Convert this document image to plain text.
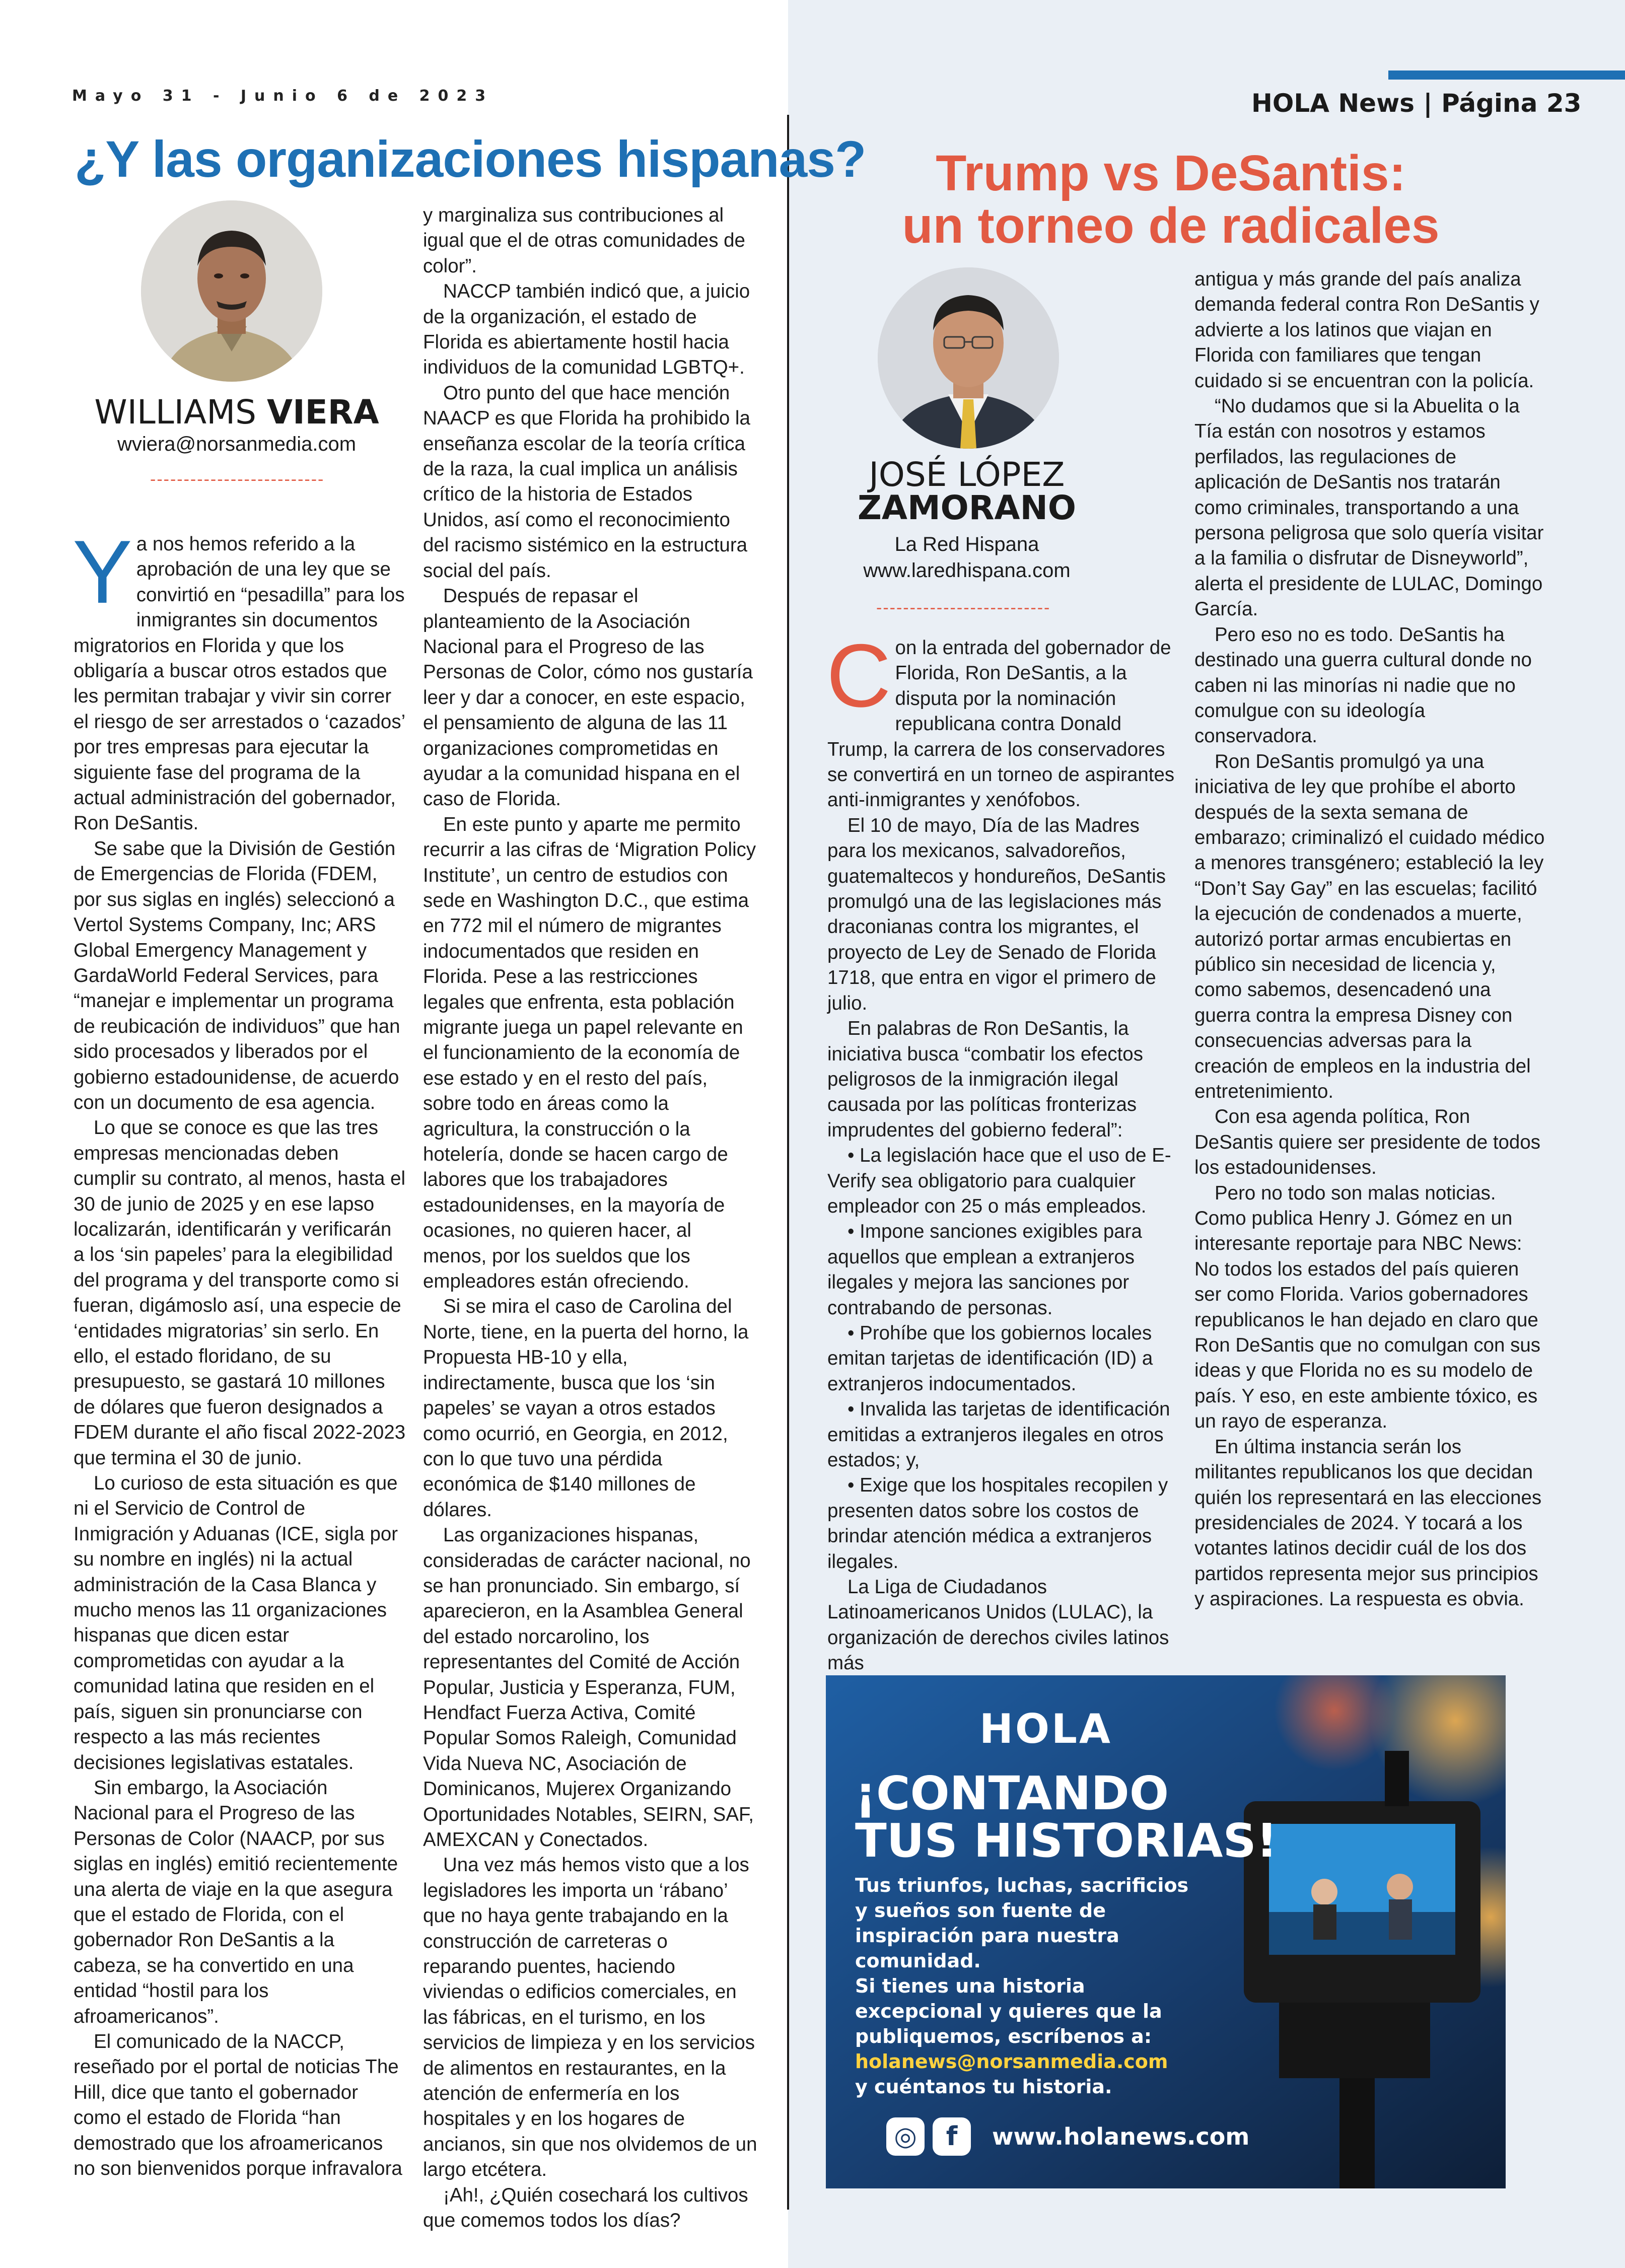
Mayo 31 - Junio 6 de 2023	HOLA News | Página 23
¿Y las organizaciones hispanas?
WILLIAMS VIERA
wviera@norsanmedia.com
--------------------------
Y a nos hemos referido a la aprobación de una ley que se convirtió en “pesadilla” para los inmigrantes sin documentos migratorios en Florida y que los obligaría a buscar otros estados que les permitan trabajar y vivir sin correr el riesgo de ser arrestados o ‘cazados’ por tres empresas para ejecutar la siguiente fase del programa de la actual administración del gobernador, Ron DeSantis.

Se sabe que la División de Gestión de Emergencias de Florida (FDEM, por sus siglas en inglés) seleccionó a Vertol Systems Company, Inc; ARS Global Emergency Management y GardaWorld Federal Services, para “manejar e implementar un programa de reubicación de individuos” que han sido procesados y liberados por el gobierno estadounidense, de acuerdo con un documento de esa agencia.

Lo que se conoce es que las tres empresas mencionadas deben cumplir su contrato, al menos, hasta el 30 de junio de 2025 y en ese lapso localizarán, identificarán y verificarán a los ‘sin papeles’ para la elegibilidad del programa y del transporte como si fueran, digámoslo así, una especie de ‘entidades migratorias’ sin serlo. En ello, el estado floridano, de su presupuesto, se gastará 10 millones de dólares que fueron designados a FDEM durante el año fiscal 2022-2023 que termina el 30 de junio.

Lo curioso de esta situación es que ni el Servicio de Control de Inmigración y Aduanas (ICE, sigla por su nombre en inglés) ni la actual administración de la Casa Blanca y mucho menos las 11 organizaciones hispanas que dicen estar comprometidas con ayudar a la comunidad latina que residen en el país, siguen sin pronunciarse con respecto a las más recientes decisiones legislativas estatales.

Sin embargo, la Asociación Nacional para el Progreso de las Personas de Color (NAACP, por sus siglas en inglés) emitió recientemente una alerta de viaje en la que asegura que el estado de Florida, con el gobernador Ron DeSantis a la cabeza, se ha convertido en una entidad “hostil para los afroamericanos”.

El comunicado de la NACCP, reseñado por el portal de noticias The Hill, dice que tanto el gobernador como el estado de Florida “han demostrado que los afroamericanos no son bienvenidos porque infravalora

y marginaliza sus contribuciones al igual que el de otras comunidades de color”.

NACCP también indicó que, a juicio de la organización, el estado de Florida es abiertamente hostil hacia individuos de la comunidad LGBTQ+.

Otro punto del que hace mención NAACP es que Florida ha prohibido la enseñanza escolar de la teoría crítica de la raza, la cual implica un análisis crítico de la historia de Estados Unidos, así como el reconocimiento del racismo sistémico en la estructura social del país.

Después de repasar el planteamiento de la Asociación Nacional para el Progreso de las Personas de Color, cómo nos gustaría leer y dar a conocer, en este espacio, el pensamiento de alguna de las 11 organizaciones comprometidas en ayudar a la comunidad hispana en el caso de Florida.

En este punto y aparte me permito recurrir a las cifras de ‘Migration Policy Institute’, un centro de estudios con sede en Washington D.C., que estima en 772 mil el número de migrantes indocumentados que residen en Florida. Pese a las restricciones legales que enfrenta, esta población migrante juega un papel relevante en el funcionamiento de la economía de ese estado y en el resto del país, sobre todo en áreas como la agricultura, la construcción o la hotelería, donde se hacen cargo de labores que los trabajadores estadounidenses, en la mayoría de ocasiones, no quieren hacer, al menos, por los sueldos que los empleadores están ofreciendo.

Si se mira el caso de Carolina del Norte, tiene, en la puerta del horno, la Propuesta HB-10 y ella, indirectamente, busca que los ‘sin papeles’ se vayan a otros estados como ocurrió, en Georgia, en 2012, con lo que tuvo una pérdida económica de $140 millones de dólares.

Las organizaciones hispanas, consideradas de carácter nacional, no se han pronunciado. Sin embargo, sí aparecieron, en la Asamblea General del estado norcarolino, los representantes del Comité de Acción Popular, Justicia y Esperanza, FUM, Hendfact Fuerza Activa, Comité Popular Somos Raleigh, Comunidad Vida Nueva NC, Asociación de Dominicanos, Mujerex Organizando Oportunidades Notables, SEIRN, SAF, AMEXCAN y Conectados.

Una vez más hemos visto que a los legisladores les importa un ‘rábano’ que no haya gente trabajando en la construcción de carreteras o reparando puentes, haciendo viviendas o edificios comerciales, en las fábricas, en el turismo, en los servicios de limpieza y en los servicios de alimentos en restaurantes, en la atención de enfermería en los hospitales y en los hogares de ancianos, sin que nos olvidemos de un largo etcétera.

¡Ah!, ¿Quién cosechará los cultivos que comemos todos los días?

Trump vs DeSantis:
un torneo de radicales
JOSÉ LÓPEZ
ZAMORANO
La Red Hispana
www.laredhispana.com
--------------------------
C on la entrada del gobernador de Florida, Ron DeSantis, a la disputa por la nominación republicana contra Donald Trump, la carrera de los conservadores se convertirá en un torneo de aspirantes anti-inmigrantes y xenófobos.

El 10 de mayo, Día de las Madres para los mexicanos, salvadoreños, guatemaltecos y hondureños, DeSantis promulgó una de las legislaciones más draconianas contra los migrantes, el proyecto de Ley de Senado de Florida 1718, que entra en vigor el primero de julio.

En palabras de Ron DeSantis, la iniciativa busca “combatir los efectos peligrosos de la inmigración ilegal causada por las políticas fronterizas imprudentes del gobierno federal”:

• La legislación hace que el uso de E-Verify sea obligatorio para cualquier empleador con 25 o más empleados.

• Impone sanciones exigibles para aquellos que emplean a extranjeros ilegales y mejora las sanciones por contrabando de personas.

• Prohíbe que los gobiernos locales emitan tarjetas de identificación (ID) a extranjeros indocumentados.

• Invalida las tarjetas de identificación emitidas a extranjeros ilegales en otros estados; y,

• Exige que los hospitales recopilen y presenten datos sobre los costos de brindar atención médica a extranjeros ilegales.

La Liga de Ciudadanos Latinoamericanos Unidos (LULAC), la organización de derechos civiles latinos más

antigua y más grande del país analiza demanda federal contra Ron DeSantis y advierte a los latinos que viajan en Florida con familiares que tengan cuidado si se encuentran con la policía.

“No dudamos que si la Abuelita o la Tía están con nosotros y estamos perfilados, las regulaciones de aplicación de DeSantis nos tratarán como criminales, transportando a una persona peligrosa que solo quería visitar a la familia o disfrutar de Disneyworld”, alerta el presidente de LULAC, Domingo García.

Pero eso no es todo. DeSantis ha destinado una guerra cultural donde no caben ni las minorías ni nadie que no comulgue con su ideología conservadora.

Ron DeSantis promulgó ya una iniciativa de ley que prohíbe el aborto después de la sexta semana de embarazo; criminalizó el cuidado médico a menores transgénero; estableció la ley “Don’t Say Gay” en las escuelas; facilitó la ejecución de condenados a muerte, autorizó portar armas encubiertas en público sin necesidad de licencia y, como sabemos, desencadenó una guerra contra la empresa Disney con consecuencias adversas para la creación de empleos en la industria del entretenimiento.

Con esa agenda política, Ron DeSantis quiere ser presidente de todos los estadounidenses.

Pero no todo son malas noticias. Como publica Henry J. Gómez en un interesante reportaje para NBC News: No todos los estados del país quieren ser como Florida. Varios gobernadores republicanos le han dejado en claro que Ron DeSantis que no comulgan con sus ideas y que Florida no es su modelo de país. Y eso, en este ambiente tóxico, es un rayo de esperanza.

En última instancia serán los militantes republicanos los que decidan quién los representará en las elecciones presidenciales de 2024. Y tocará a los votantes latinos decidir cuál de los dos partidos representa mejor sus principios y aspiraciones. La respuesta es obvia.

HOLA
¡CONTANDO
TUS HISTORIAS!
Tus triunfos, luchas, sacrificios y sueños son fuente de inspiración para nuestra comunidad.
Si tienes una historia excepcional y quieres que la publiquemos, escríbenos a:
holanews@norsanmedia.com
y cuéntanos tu historia.
◎	f	www.holanews.com
